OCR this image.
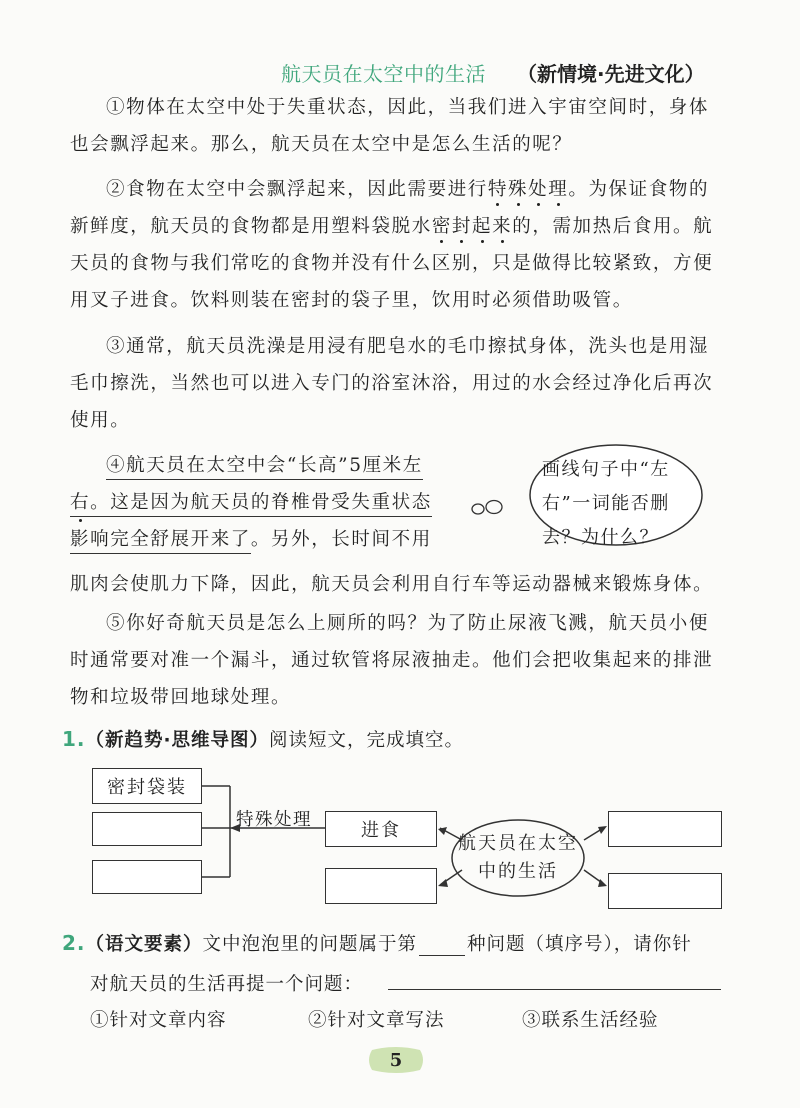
航天员在太空中的生活 （新情境·先进文化）
①物体在太空中处于失重状态，因此，当我们进入宇宙空间时，身体也会飘浮起来。那么，航天员在太空中是怎么生活的呢？
②食物在太空中会飘浮起来，因此需要进行特殊处理。为保证食物的新鲜度，航天员的食物都是用塑料袋脱水密封起来的，需加热后食用。航天员的食物与我们常吃的食物并没有什么区别，只是做得比较紧致，方便用叉子进食。饮料则装在密封的袋子里，饮用时必须借助吸管。
③通常，航天员洗澡是用浸有肥皂水的毛巾擦拭身体，洗头也是用湿毛巾擦洗，当然也可以进入专门的浴室沐浴，用过的水会经过净化后再次使用。
④航天员在太空中会“长高”5厘米左
右。这是因为航天员的脊椎骨受失重状态
影响完全舒展开来了。另外，长时间不用
肌肉会使肌力下降，因此，航天员会利用自行车等运动器械来锻炼身体。
画线句子中“左右”一词能否删去？为什么？
⑤你好奇航天员是怎么上厕所的吗？为了防止尿液飞溅，航天员小便时通常要对准一个漏斗，通过软管将尿液抽走。他们会把收集起来的排泄物和垃圾带回地球处理。
1.（新趋势·思维导图）阅读短文，完成填空。
密封袋装
特殊处理	进食
航天员在太空中的生活
2.（语文要素）文中泡泡里的问题属于第	种问题（填序号），请你针
对航天员的生活再提一个问题：
①针对文章内容	②针对文章写法	③联系生活经验
5
